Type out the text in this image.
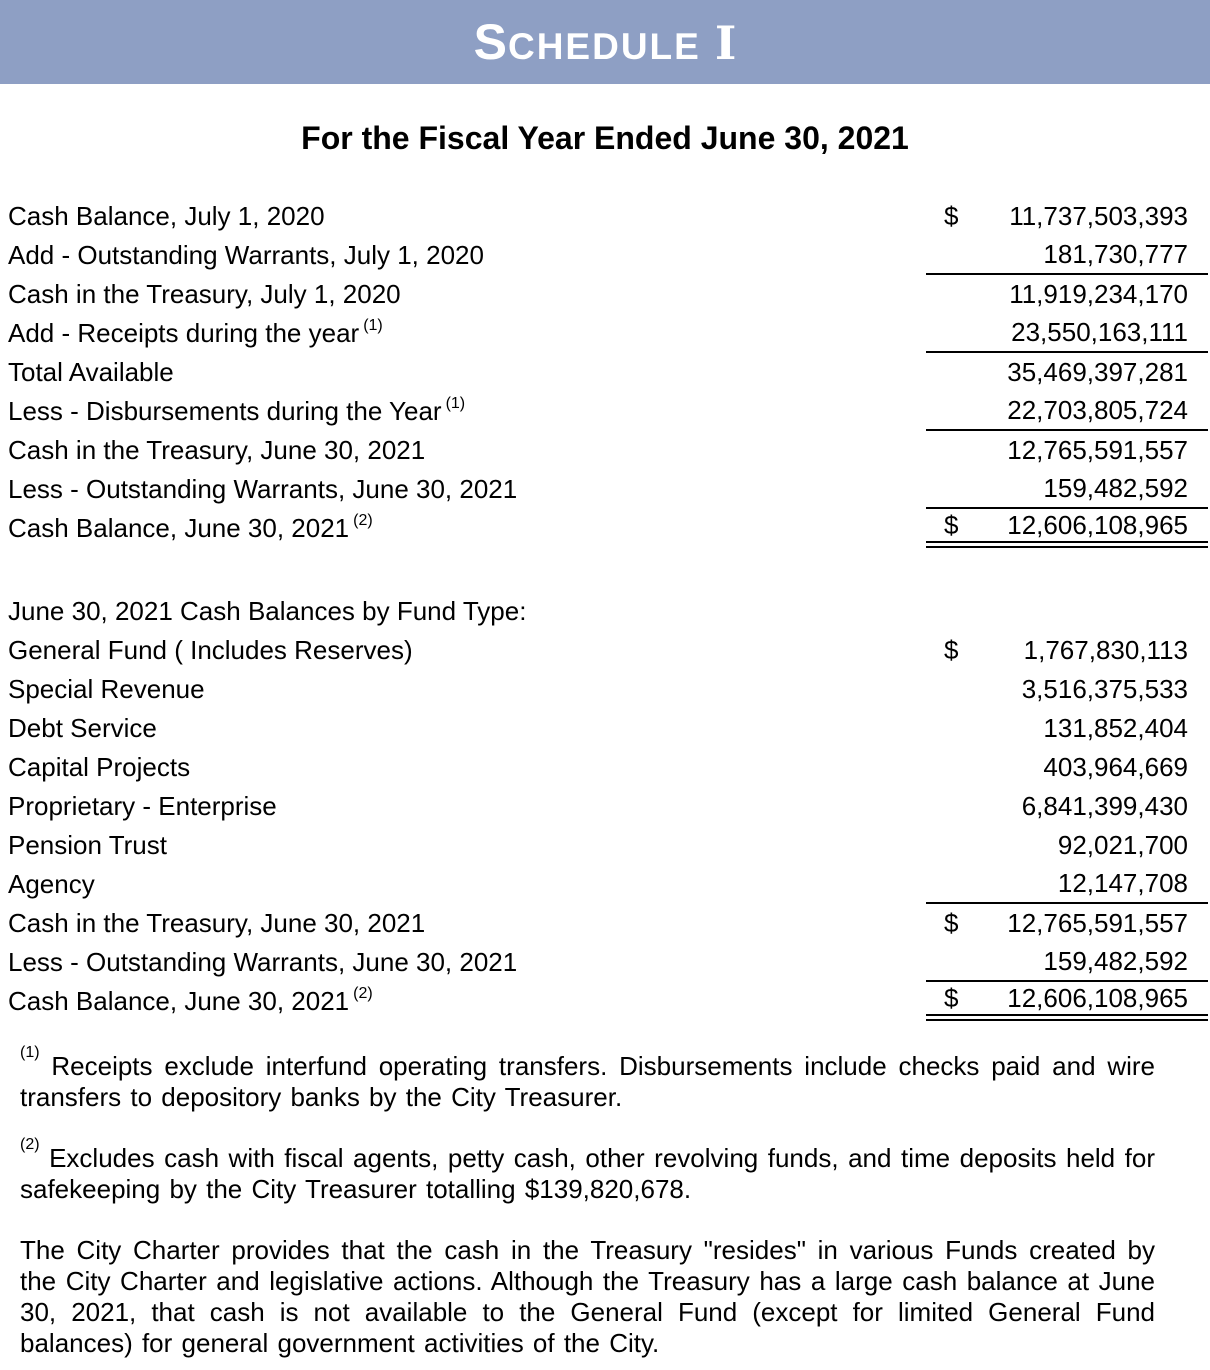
SCHEDULE I
For the Fiscal Year Ended June 30, 2021
Cash Balance, July 1, 2020	$ 11,737,503,393
Add - Outstanding Warrants, July 1, 2020	181,730,777
Cash in the Treasury, July 1, 2020	11,919,234,170
Add - Receipts during the year $^{(1)}$	23,550,163,111
Total Available	35,469,397,281
Less - Disbursements during the Year $^{(1)}$	22,703,805,724
Cash in the Treasury, June 30, 2021	12,765,591,557
Less - Outstanding Warrants, June 30, 2021	159,482,592
Cash Balance, June 30, 2021 $^{(2)}$	$ 12,606,108,965
June 30, 2021 Cash Balances by Fund Type:
General Fund ( Includes Reserves)	$	1,767,830,113
Special Revenue	3,516,375,533
Debt Service	131,852,404
Capital Projects	403,964,669
Proprietary - Enterprise	6,841,399,430
Pension Trust	92,021,700
Agency	12,147,708
Cash in the Treasury, June 30, 2021	$ 12,765,591,557
Less - Outstanding Warrants, June 30, 2021	159,482,592
Cash Balance, June 30, 2021 $^{(2)}$	$ 12,606,108,965

$^{(1)}$ Receipts exclude interfund operating transfers. Disbursements include checks paid and wire transfers to depository banks by the City Treasurer.

$^{(2)}$ Excludes cash with fiscal agents, petty cash, other revolving funds, and time deposits held for safekeeping by the City Treasurer totalling $139,820,678.

The City Charter provides that the cash in the Treasury "resides" in various Funds created by the City Charter and legislative actions. Although the Treasury has a large cash balance at June 30, 2021, that cash is not available to the General Fund (except for limited General Fund balances) for general government activities of the City.
